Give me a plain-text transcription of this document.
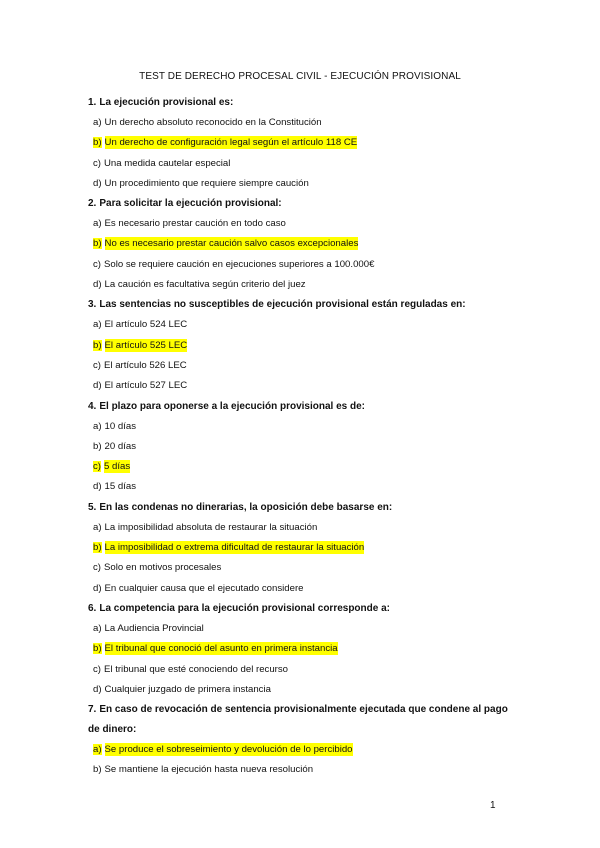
TEST DE DERECHO PROCESAL CIVIL - EJECUCIÓN PROVISIONAL
1. La ejecución provisional es:
a) Un derecho absoluto reconocido en la Constitución
b) Un derecho de configuración legal según el artículo 118 CE
c) Una medida cautelar especial
d) Un procedimiento que requiere siempre caución
2. Para solicitar la ejecución provisional:
a) Es necesario prestar caución en todo caso
b) No es necesario prestar caución salvo casos excepcionales
c) Solo se requiere caución en ejecuciones superiores a 100.000€
d) La caución es facultativa según criterio del juez
3. Las sentencias no susceptibles de ejecución provisional están reguladas en:
a) El artículo 524 LEC
b) El artículo 525 LEC
c) El artículo 526 LEC
d) El artículo 527 LEC
4. El plazo para oponerse a la ejecución provisional es de:
a) 10 días
b) 20 días
c) 5 días
d) 15 días
5. En las condenas no dinerarias, la oposición debe basarse en:
a) La imposibilidad absoluta de restaurar la situación
b) La imposibilidad o extrema dificultad de restaurar la situación
c) Solo en motivos procesales
d) En cualquier causa que el ejecutado considere
6. La competencia para la ejecución provisional corresponde a:
a) La Audiencia Provincial
b) El tribunal que conoció del asunto en primera instancia
c) El tribunal que esté conociendo del recurso
d) Cualquier juzgado de primera instancia
7. En caso de revocación de sentencia provisionalmente ejecutada que condene al pago de dinero:
a) Se produce el sobreseimiento y devolución de lo percibido
b) Se mantiene la ejecución hasta nueva resolución
1
